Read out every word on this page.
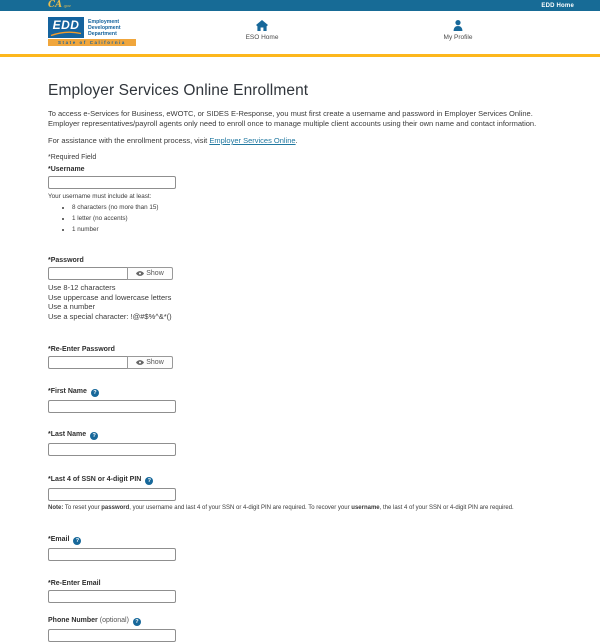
CA .gov	EDD Home
EDD Employment
Development
Department
State of California
ESO Home	My Profile
Employer Services Online Enrollment

To access e-Services for Business, eWOTC, or SIDES E-Response, you must first create a username and password in Employer Services Online. Employer representatives/payroll agents only need to enroll once to manage multiple client accounts using their own name and contact information.

For assistance with the enrollment process, visit Employer Services Online.

*Required Field

*Username
Your username must include at least:
• 8 characters (no more than 15)
• 1 letter (no accents)
• 1 number
*Password
Show
Use 8-12 characters
Use uppercase and lowercase letters
Use a number
Use a special character: !@#$%^&*()
*Re-Enter Password
Show
*First Name ?
*Last Name ?
*Last 4 of SSN or 4-digit PIN ?

Note: To reset your password, your username and last 4 of your SSN or 4-digit PIN are required. To recover your username, the last 4 of your SSN or 4-digit PIN are required.

*Email ?
*Re-Enter Email
Phone Number (optional) ?
